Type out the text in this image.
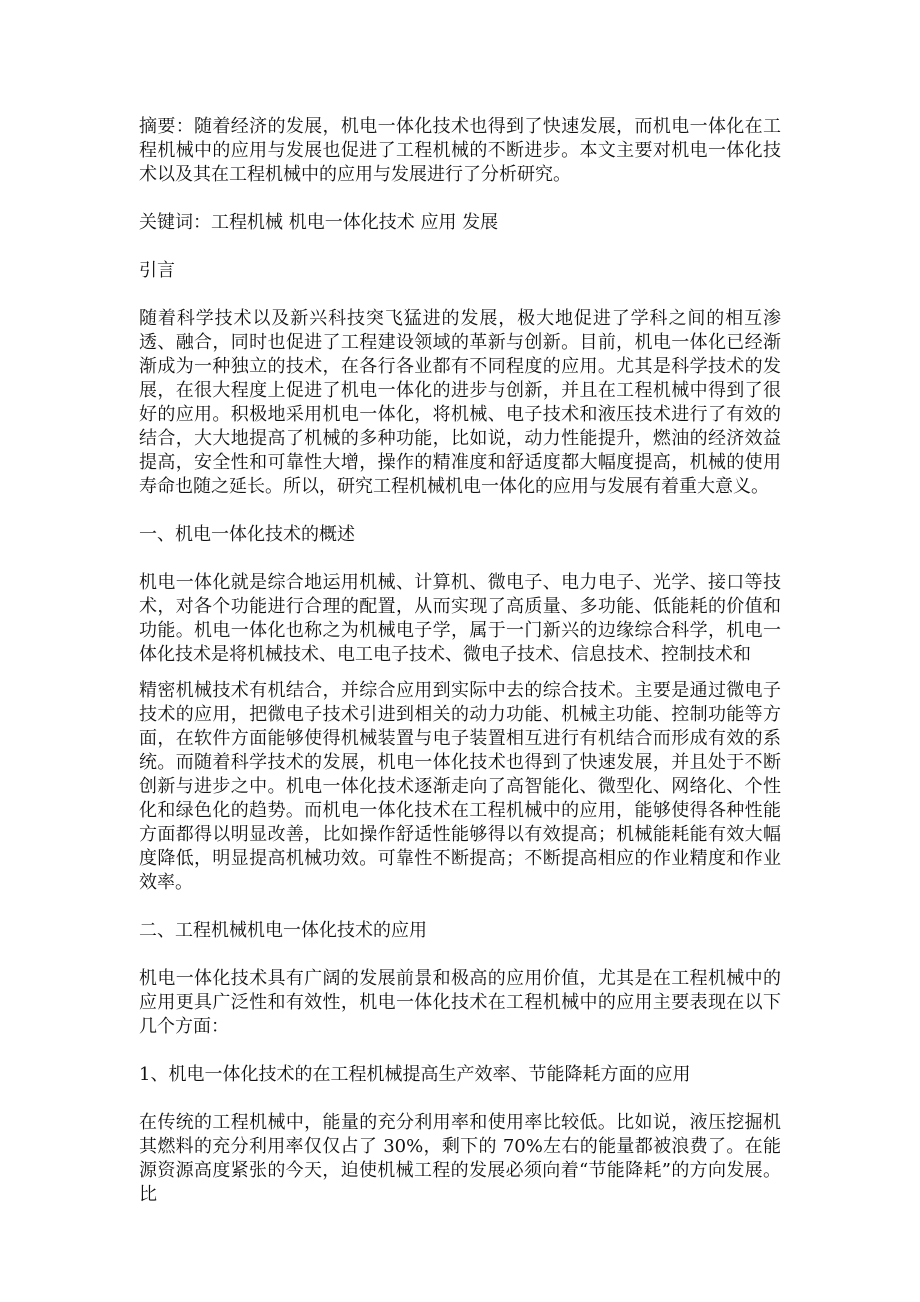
摘要：随着经济的发展，机电一体化技术也得到了快速发展，而机电一体化在工程机械中的应用与发展也促进了工程机械的不断进步。本文主要对机电一体化技术以及其在工程机械中的应用与发展进行了分析研究。

关键词：工程机械 机电一体化技术 应用 发展

引言

随着科学技术以及新兴科技突飞猛进的发展，极大地促进了学科之间的相互渗透、融合，同时也促进了工程建设领域的革新与创新。目前，机电一体化已经渐渐成为一种独立的技术，在各行各业都有不同程度的应用。尤其是科学技术的发展，在很大程度上促进了机电一体化的进步与创新，并且在工程机械中得到了很好的应用。积极地采用机电一体化，将机械、电子技术和液压技术进行了有效的结合，大大地提高了机械的多种功能，比如说，动力性能提升，燃油的经济效益提高，安全性和可靠性大增，操作的精准度和舒适度都大幅度提高，机械的使用寿命也随之延长。所以，研究工程机械机电一体化的应用与发展有着重大意义。

一、机电一体化技术的概述

机电一体化就是综合地运用机械、计算机、微电子、电力电子、光学、接口等技术，对各个功能进行合理的配置，从而实现了高质量、多功能、低能耗的价值和功能。机电一体化也称之为机械电子学，属于一门新兴的边缘综合科学，机电一体化技术是将机械技术、电工电子技术、微电子技术、信息技术、控制技术和

精密机械技术有机结合，并综合应用到实际中去的综合技术。主要是通过微电子技术的应用，把微电子技术引进到相关的动力功能、机械主功能、控制功能等方面，在软件方面能够使得机械装置与电子装置相互进行有机结合而形成有效的系统。而随着科学技术的发展，机电一体化技术也得到了快速发展，并且处于不断创新与进步之中。机电一体化技术逐渐走向了高智能化、微型化、网络化、个性化和绿色化的趋势。而机电一体化技术在工程机械中的应用，能够使得各种性能方面都得以明显改善，比如操作舒适性能够得以有效提高；机械能耗能有效大幅度降低，明显提高机械功效。可靠性不断提高；不断提高相应的作业精度和作业效率。

二、工程机械机电一体化技术的应用

机电一体化技术具有广阔的发展前景和极高的应用价值，尤其是在工程机械中的应用更具广泛性和有效性，机电一体化技术在工程机械中的应用主要表现在以下几个方面：

1、机电一体化技术的在工程机械提高生产效率、节能降耗方面的应用

在传统的工程机械中，能量的充分利用率和使用率比较低。比如说，液压挖掘机其燃料的充分利用率仅仅占了 30%，剩下的 70%左右的能量都被浪费了。在能源资源高度紧张的今天，迫使机械工程的发展必须向着“节能降耗”的方向发展。比
